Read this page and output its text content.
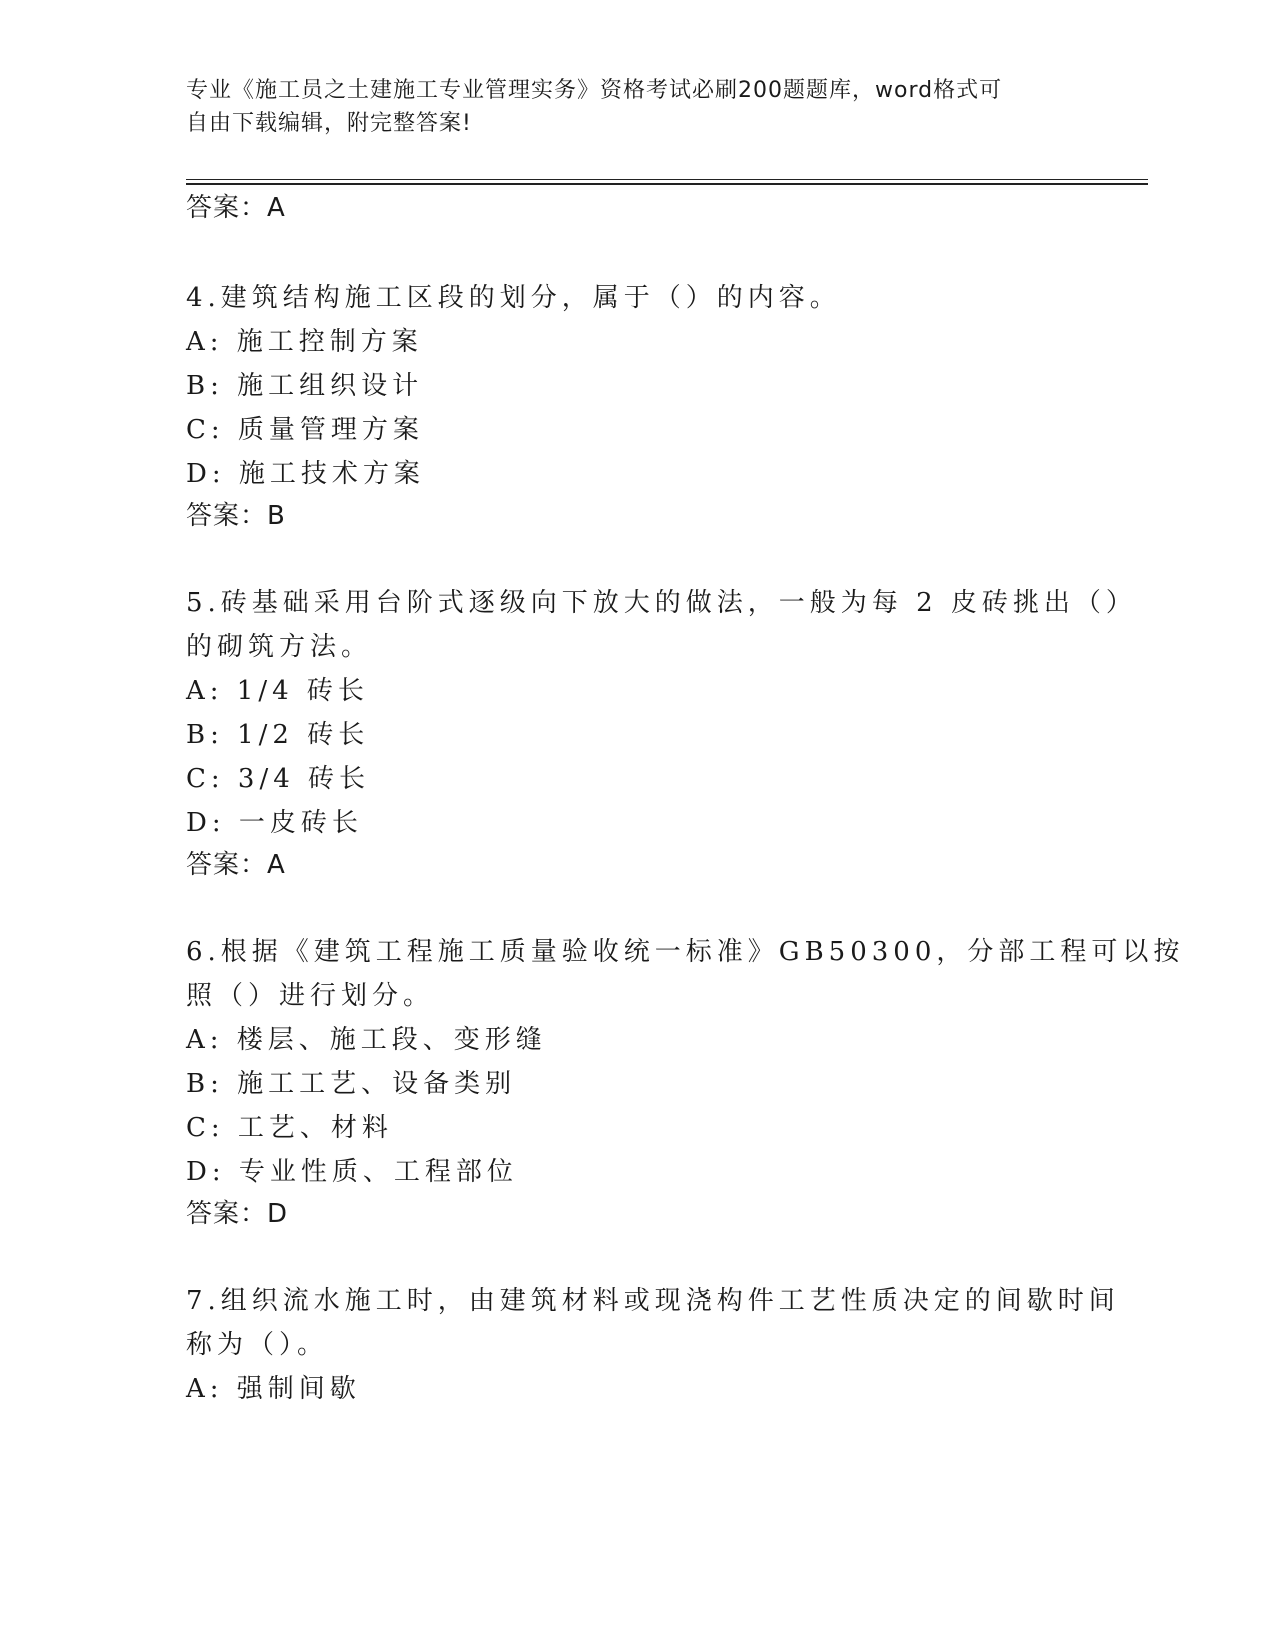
专业《施工员之土建施工专业管理实务》资格考试必刷200题题库，word格式可
自由下载编辑，附完整答案!
答案：A
4.建筑结构施工区段的划分，属于（）的内容。
A: 施工控制方案
B: 施工组织设计
C: 质量管理方案
D: 施工技术方案
答案：B
5.砖基础采用台阶式逐级向下放大的做法，一般为每 2 皮砖挑出（）
的砌筑方法。
A: 1/4 砖长
B: 1/2 砖长
C: 3/4 砖长
D: 一皮砖长
答案：A
6.根据《建筑工程施工质量验收统一标准》GB50300，分部工程可以按
照（）进行划分。
A: 楼层、施工段、变形缝
B: 施工工艺、设备类别
C: 工艺、材料
D: 专业性质、工程部位
答案：D
7.组织流水施工时，由建筑材料或现浇构件工艺性质决定的间歇时间
称为（）。
A: 强制间歇
